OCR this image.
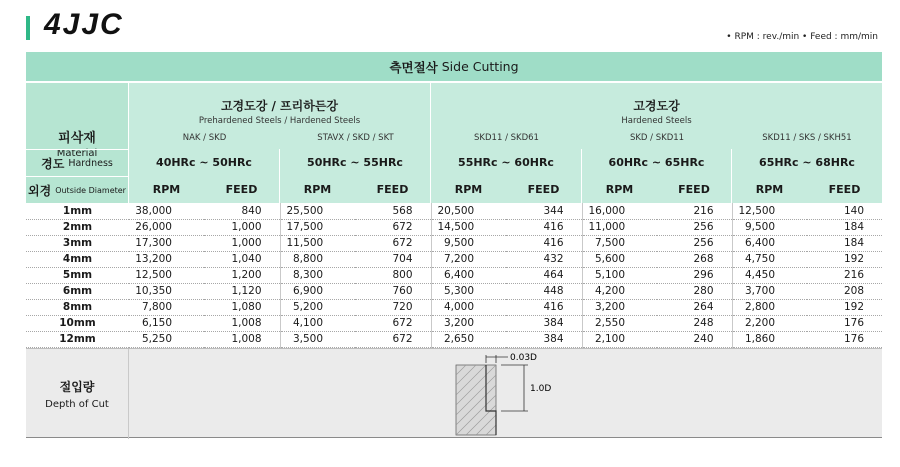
4JJC	• RPM : rev./min • Feed : mm/min
측면절삭 Side Cutting
피삭재
Material
고경도강 / 프리하든강
Prehardened Steels / Hardened Steels
고경도강
Hardened Steels
NAK / SKD	STAVX / SKD / SKT	SKD11 / SKD61	SKD / SKD11	SKD11 / SKS / SKH51
경도 Hardness	40HRc ~ 50HRc	50HRc ~ 55HRc	55HRc ~ 60HRc	60HRc ~ 65HRc	65HRc ~ 68HRc
외경 Outside Diameter	RPM	FEED	RPM	FEED	RPM	FEED	RPM	FEED	RPM	FEED
1mm	38,000	840	25,500	568	20,500	344	16,000	216	12,500	140
2mm	26,000	1,000	17,500	672	14,500	416	11,000	256	9,500	184
3mm	17,300	1,000	11,500	672	9,500	416	7,500	256	6,400	184
4mm	13,200	1,040	8,800	704	7,200	432	5,600	268	4,750	192
5mm	12,500	1,200	8,300	800	6,400	464	5,100	296	4,450	216
6mm	10,350	1,120	6,900	760	5,300	448	4,200	280	3,700	208
8mm	7,800	1,080	5,200	720	4,000	416	3,200	264	2,800	192
10mm	6,150	1,008	4,100	672	3,200	384	2,550	248	2,200	176
12mm	5,250	1,008	3,500	672	2,650	384	2,100	240	1,860	176
절입량
Depth of Cut
0.03D
1.0D
